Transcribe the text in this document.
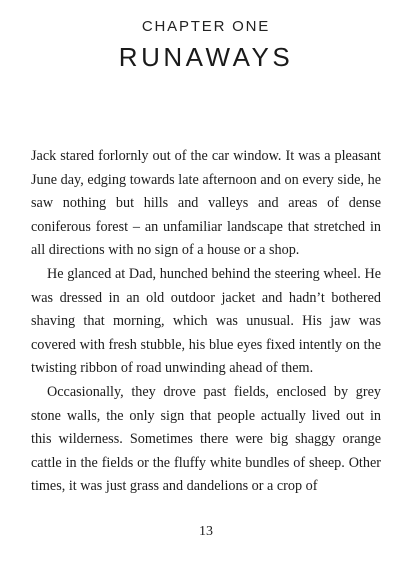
CHAPTER ONE
RUNAWAYS

Jack stared forlornly out of the car window. It was a pleasant June day, edging towards late afternoon and on every side, he saw nothing but hills and valleys and areas of dense coniferous forest – an unfamiliar landscape that stretched in all directions with no sign of a house or a shop.

He glanced at Dad, hunched behind the steering wheel. He was dressed in an old outdoor jacket and hadn’t bothered shaving that morning, which was unusual. His jaw was covered with fresh stubble, his blue eyes fixed intently on the twisting ribbon of road unwinding ahead of them.

Occasionally, they drove past fields, enclosed by grey stone walls, the only sign that people actually lived out in this wilderness. Sometimes there were big shaggy orange cattle in the fields or the fluffy white bundles of sheep. Other times, it was just grass and dandelions or a crop of

13
